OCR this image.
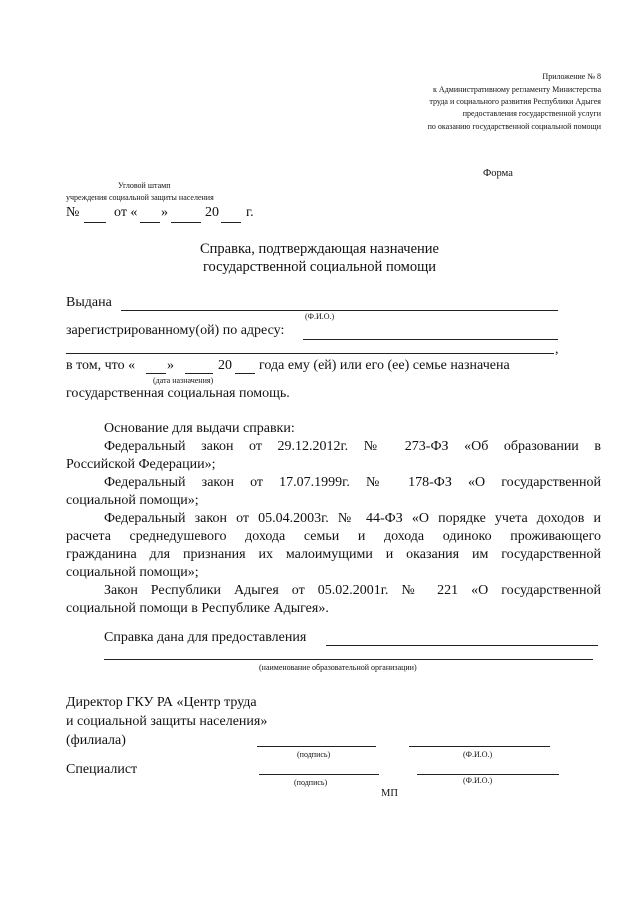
Приложение № 8
к Административному регламенту Министерства
труда и социального развития Республики Адыгея
предоставления государственной услуги
по оказанию государственной социальной помощи
Форма
Угловой штамп
учреждения социальной защиты населения
№ от « »	20 г.
Справка, подтверждающая назначение
государственной социальной помощи
Выдана
(Ф.И.О.)
зарегистрированному(ой) по адресу:
,
в том, что « »	20 года ему (ей) или его (ее) семье назначена
(дата назначения)
государственная социальная помощь.
Основание для выдачи справки:
Федеральный закон от 29.12.2012г. № 273-ФЗ «Об образовании в
Российской Федерации»;
Федеральный закон от 17.07.1999г. № 178-ФЗ «О государственной
социальной помощи»;
Федеральный закон от 05.04.2003г. № 44-ФЗ «О порядке учета доходов и
расчета среднедушевого дохода семьи и дохода одиноко проживающего
гражданина для признания их малоимущими и оказания им государственной
социальной помощи»;
Закон Республики Адыгея от 05.02.2001г. № 221 «О государственной
социальной помощи в Республике Адыгея».
Справка дана для предоставления
(наименование образовательной организации)
Директор ГКУ РА «Центр труда
и социальной защиты населения»
(филиала)
(подпись)	(Ф.И.О.)
Специалист
(подпись)	(Ф.И.О.)
МП
